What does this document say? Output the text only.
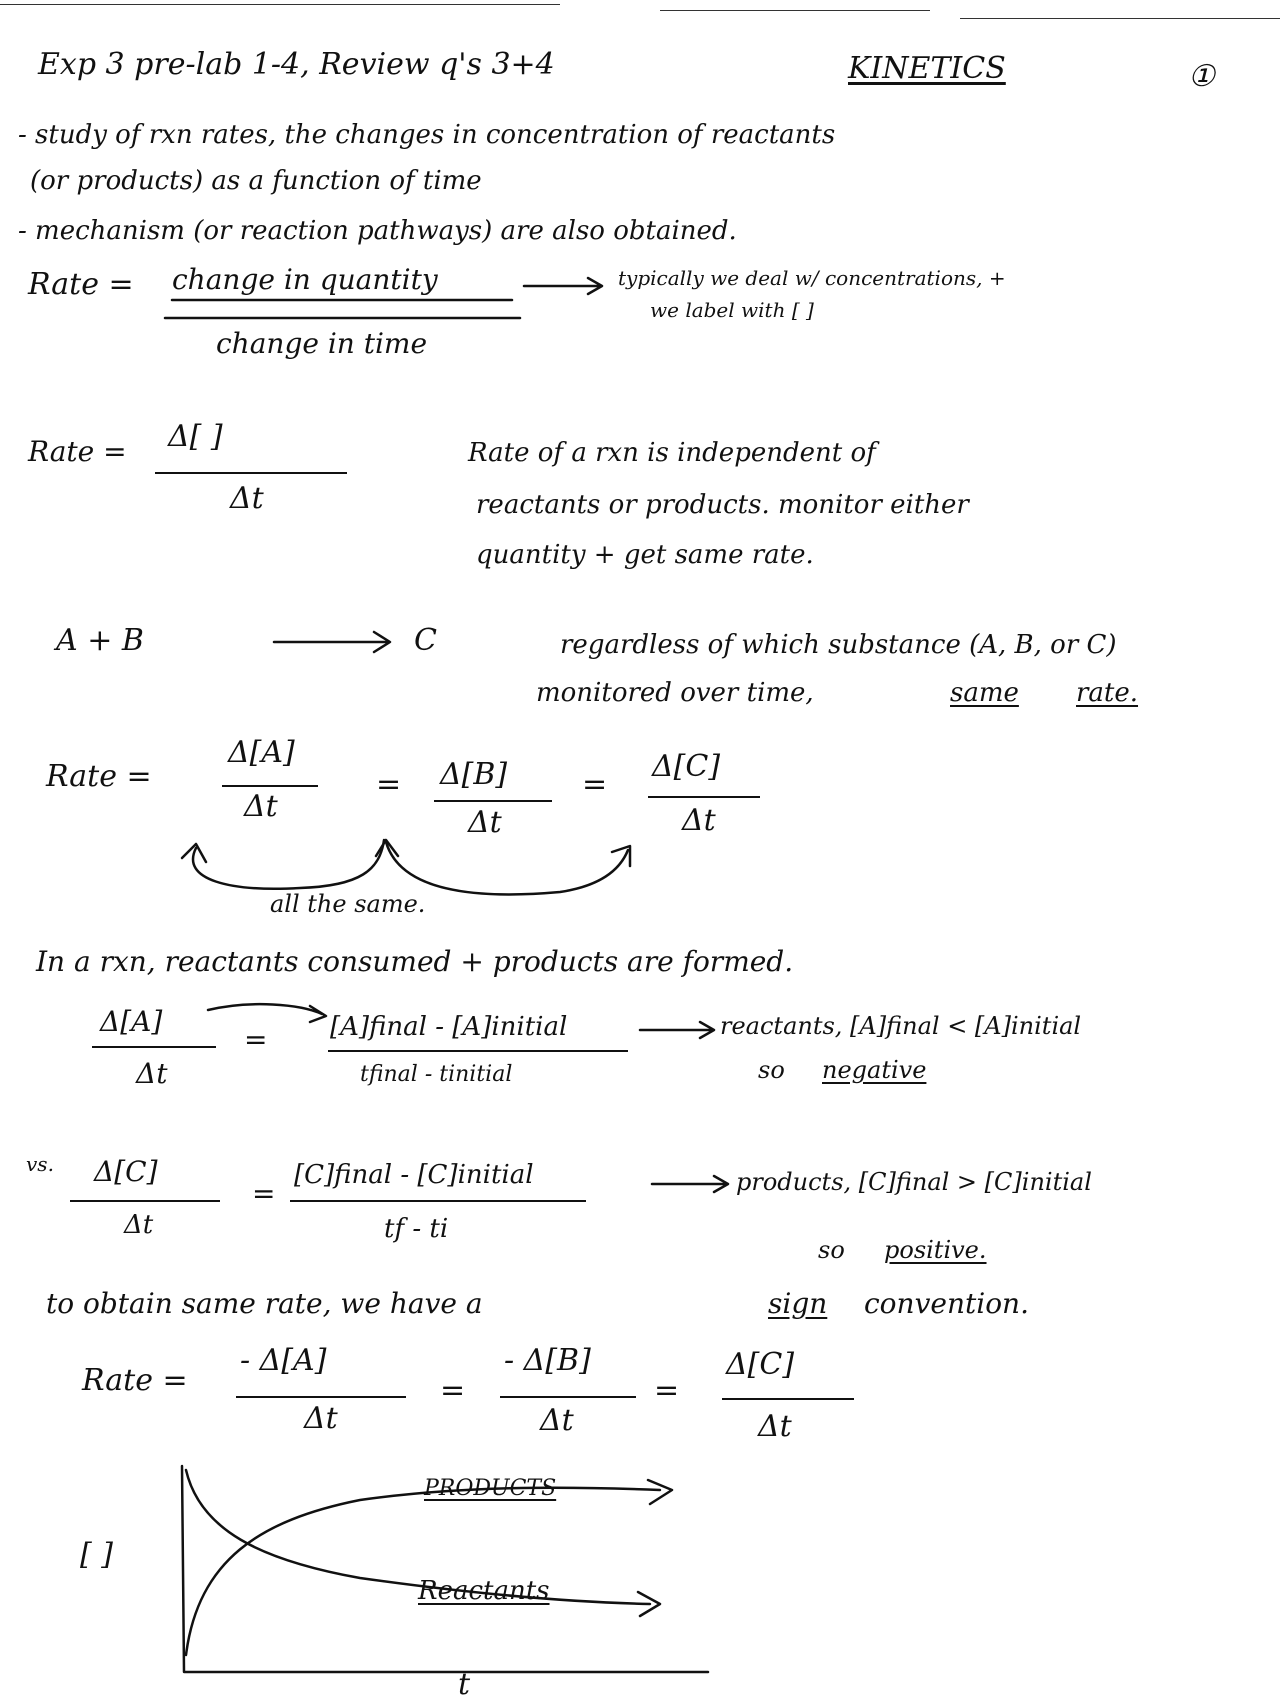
Exp 3 pre-lab 1-4, Review q's 3+4	KINETICS	①
- study of rxn rates, the changes in concentration of reactants
(or products) as a function of time
- mechanism (or reaction pathways) are also obtained.
Rate = change in quantity
change in time
typically we deal w/ concentrations, +
we label with [ ]
Rate = Δ[ ]
Δt
Rate of a rxn is independent of
reactants or products. monitor either
quantity + get same rate.
A + B	C	regardless of which substance (A, B, or C)
monitored over time,	same rate.
Rate =
Δ[A]
Δt
= Δ[B]
Δt
=
Δ[C]
Δt
all the same.
In a rxn, reactants consumed + products are formed.
Δ[A]
Δt
= [A]final - [A]initial
tfinal - tinitial
reactants, [A]final < [A]initial
so negative
vs. Δ[C]
Δt
=
[C]final - [C]initial
tf - ti
products, [C]final > [C]initial
so positive.
to obtain same rate, we have a	sign convention.
Rate =
- Δ[A]
Δt
=
- Δ[B]
Δt
=
Δ[C]
Δt
[ ]
t
PRODUCTS
Reactants
